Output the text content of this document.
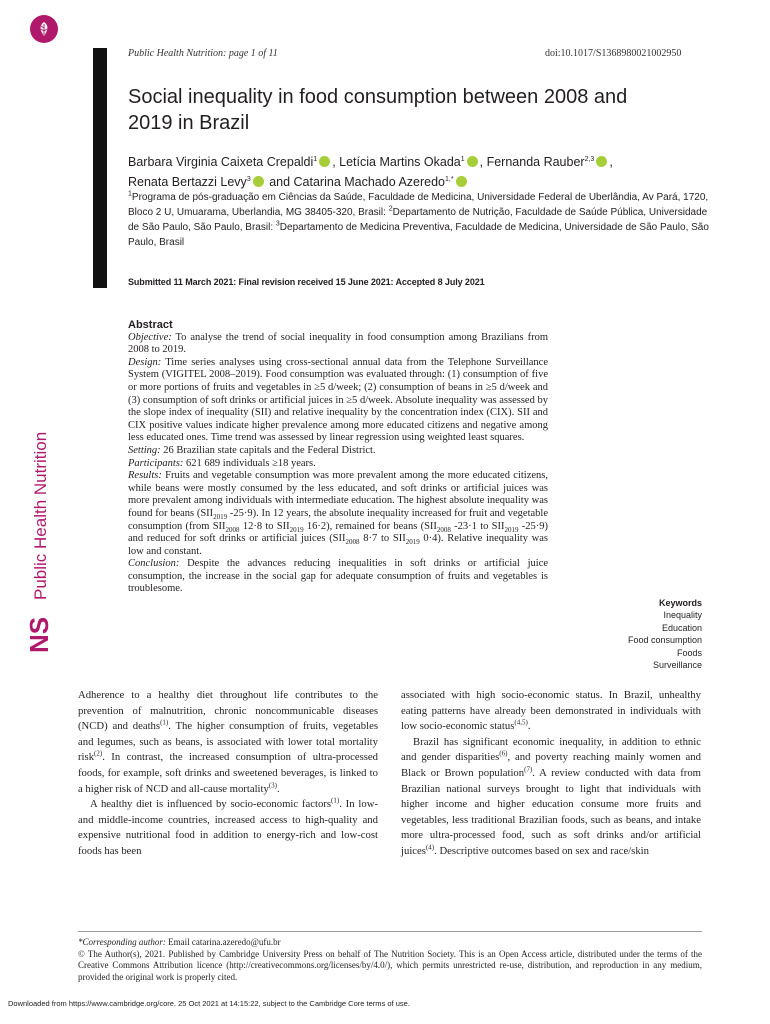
Public Health Nutrition: page 1 of 11	doi:10.1017/S1368980021002950
Social inequality in food consumption between 2008 and 2019 in Brazil
Barbara Virginia Caixeta Crepaldi$^1$ , Letícia Martins Okada$^1$ , Fernanda Rauber$^{2,3}$ ,
Renata Bertazzi Levy$^3$ and Catarina Machado Azeredo$^{1,*}$
$^1$Programa de pós-graduação em Ciências da Saúde, Faculdade de Medicina, Universidade Federal de Uberlândia, Av Pará, 1720, Bloco 2 U, Umuarama, Uberlandia, MG 38405-320, Brasil: $^2$Departamento de Nutrição, Faculdade de Saúde Pública, Universidade de São Paulo, São Paulo, Brasil: $^3$Departamento de Medicina Preventiva, Faculdade de Medicina, Universidade de São Paulo, São Paulo, Brasil
Submitted 11 March 2021: Final revision received 15 June 2021: Accepted 8 July 2021
Public Health Nutrition
NS
Abstract
Objective: To analyse the trend of social inequality in food consumption among Brazilians from 2008 to 2019.
Design: Time series analyses using cross-sectional annual data from the Telephone Surveillance System (VIGITEL 2008–2019). Food consumption was evaluated through: (1) consumption of five or more portions of fruits and vegetables in ≥5 d/week; (2) consumption of beans in ≥5 d/week and (3) consumption of soft drinks or artificial juices in ≥5 d/week. Absolute inequality was assessed by the slope index of inequality (SII) and relative inequality by the concentration index (CIX). SII and CIX positive values indicate higher prevalence among more educated citizens and negative among less educated ones. Time trend was assessed by linear regression using weighted least squares.
Setting: 26 Brazilian state capitals and the Federal District.
Participants: 621 689 individuals ≥18 years.
Results: Fruits and vegetable consumption was more prevalent among the more educated citizens, while beans were mostly consumed by the less educated, and soft drinks or artificial juices was more prevalent among individuals with intermediate education. The highest absolute inequality was found for beans ($SII_{2019}$ -25·9). In 12 years, the absolute inequality increased for fruit and vegetable consumption (from $SII_{2008}$ 12·8 to $SII_{2019}$ 16·2), remained for beans ($SII_{2008}$ -23·1 to $SII_{2019}$ -25·9) and reduced for soft drinks or artificial juices ($SII_{2008}$ 8·7 to $SII_{2019}$ 0·4). Relative inequality was low and constant.
Conclusion: Despite the advances reducing inequalities in soft drinks or artificial juice consumption, the increase in the social gap for adequate consumption of fruits and vegetables is troublesome.
Keywords
Inequality
Education
Food consumption
Foods
Surveillance

Adherence to a healthy diet throughout life contributes to the prevention of malnutrition, chronic noncommunicable diseases (NCD) and deaths$^{(1)}$. The higher consumption of fruits, vegetables and legumes, such as beans, is associated with lower total mortality risk$^{(2)}$. In contrast, the increased consumption of ultra-processed foods, for example, soft drinks and sweetened beverages, is linked to a higher risk of NCD and all-cause mortality$^{(3)}$.

A healthy diet is influenced by socio-economic factors$^{(1)}$. In low- and middle-income countries, increased access to high-quality and expensive nutritional food in addition to energy-rich and low-cost foods has been

associated with high socio-economic status. In Brazil, unhealthy eating patterns have already been demonstrated in individuals with low socio-economic status$^{(4,5)}$.

Brazil has significant economic inequality, in addition to ethnic and gender disparities$^{(6)}$, and poverty reaching mainly women and Black or Brown population$^{(7)}$. A review conducted with data from Brazilian national surveys brought to light that individuals with higher income and higher education consume more fruits and vegetables, less traditional Brazilian foods, such as beans, and intake more ultra-processed food, such as soft drinks and/or artificial juices$^{(4)}$. Descriptive outcomes based on sex and race/skin

*Corresponding author: Email catarina.azeredo@ufu.br
© The Author(s), 2021. Published by Cambridge University Press on behalf of The Nutrition Society. This is an Open Access article, distributed under the terms of the Creative Commons Attribution licence (http://creativecommons.org/licenses/by/4.0/), which permits unrestricted re-use, distribution, and reproduction in any medium, provided the original work is properly cited.
Downloaded from https://www.cambridge.org/core. 25 Oct 2021 at 14:15:22, subject to the Cambridge Core terms of use.
